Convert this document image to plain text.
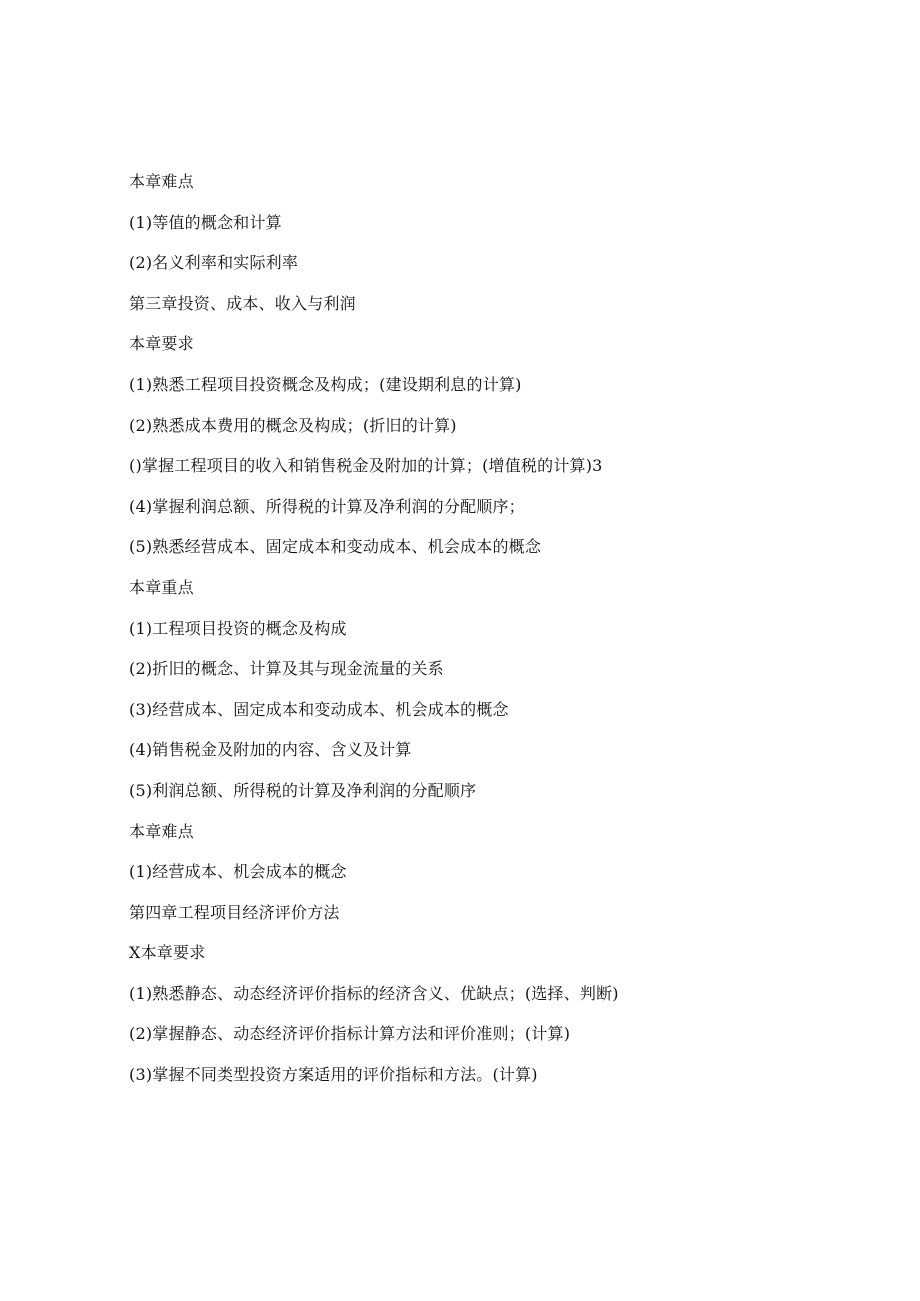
本章难点
(1)等值的概念和计算
(2)名义利率和实际利率
第三章投资、成本、收入与利润
本章要求
(1)熟悉工程项目投资概念及构成；(建设期利息的计算)
(2)熟悉成本费用的概念及构成；(折旧的计算)
()掌握工程项目的收入和销售税金及附加的计算；(增值税的计算)3
(4)掌握利润总额、所得税的计算及净利润的分配顺序；
(5)熟悉经营成本、固定成本和变动成本、机会成本的概念
本章重点
(1)工程项目投资的概念及构成
(2)折旧的概念、计算及其与现金流量的关系
(3)经营成本、固定成本和变动成本、机会成本的概念
(4)销售税金及附加的内容、含义及计算
(5)利润总额、所得税的计算及净利润的分配顺序
本章难点
(1)经营成本、机会成本的概念
第四章工程项目经济评价方法
X本章要求
(1)熟悉静态、动态经济评价指标的经济含义、优缺点；(选择、判断)
(2)掌握静态、动态经济评价指标计算方法和评价准则；(计算)
(3)掌握不同类型投资方案适用的评价指标和方法。(计算)
